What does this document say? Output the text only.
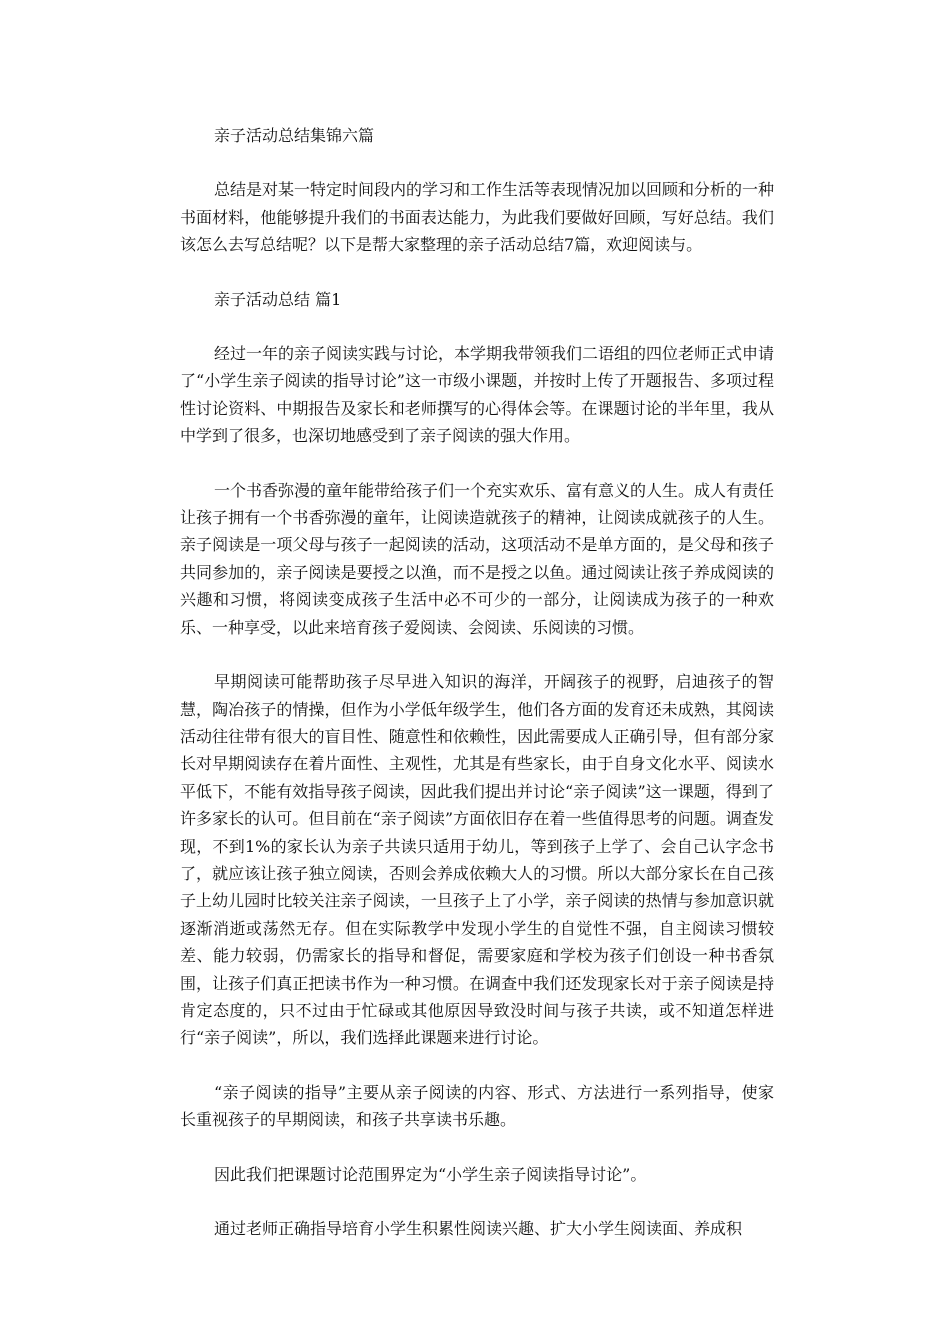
亲子活动总结集锦六篇

总结是对某一特定时间段内的学习和工作生活等表现情况加以回顾和分析的一种书面材料，他能够提升我们的书面表达能力，为此我们要做好回顾，写好总结。我们该怎么去写总结呢？以下是帮大家整理的亲子活动总结7篇，欢迎阅读与。

亲子活动总结 篇1

经过一年的亲子阅读实践与讨论，本学期我带领我们二语组的四位老师正式申请了“小学生亲子阅读的指导讨论”这一市级小课题，并按时上传了开题报告、多项过程性讨论资料、中期报告及家长和老师撰写的心得体会等。在课题讨论的半年里，我从中学到了很多，也深切地感受到了亲子阅读的强大作用。

一个书香弥漫的童年能带给孩子们一个充实欢乐、富有意义的人生。成人有责任让孩子拥有一个书香弥漫的童年，让阅读造就孩子的精神，让阅读成就孩子的人生。亲子阅读是一项父母与孩子一起阅读的活动，这项活动不是单方面的，是父母和孩子共同参加的，亲子阅读是要授之以渔，而不是授之以鱼。通过阅读让孩子养成阅读的兴趣和习惯，将阅读变成孩子生活中必不可少的一部分，让阅读成为孩子的一种欢乐、一种享受，以此来培育孩子爱阅读、会阅读、乐阅读的习惯。

早期阅读可能帮助孩子尽早进入知识的海洋，开阔孩子的视野，启迪孩子的智慧，陶冶孩子的情操，但作为小学低年级学生，他们各方面的发育还未成熟，其阅读活动往往带有很大的盲目性、随意性和依赖性，因此需要成人正确引导，但有部分家长对早期阅读存在着片面性、主观性，尤其是有些家长，由于自身文化水平、阅读水平低下，不能有效指导孩子阅读，因此我们提出并讨论“亲子阅读”这一课题，得到了许多家长的认可。但目前在“亲子阅读”方面依旧存在着一些值得思考的问题。调查发现，不到1%的家长认为亲子共读只适用于幼儿，等到孩子上学了、会自己认字念书了，就应该让孩子独立阅读，否则会养成依赖大人的习惯。所以大部分家长在自己孩子上幼儿园时比较关注亲子阅读，一旦孩子上了小学，亲子阅读的热情与参加意识就逐渐消逝或荡然无存。但在实际教学中发现小学生的自觉性不强，自主阅读习惯较差、能力较弱，仍需家长的指导和督促，需要家庭和学校为孩子们创设一种书香氛围，让孩子们真正把读书作为一种习惯。在调查中我们还发现家长对于亲子阅读是持肯定态度的，只不过由于忙碌或其他原因导致没时间与孩子共读，或不知道怎样进行“亲子阅读”，所以，我们选择此课题来进行讨论。

“亲子阅读的指导”主要从亲子阅读的内容、形式、方法进行一系列指导，使家长重视孩子的早期阅读，和孩子共享读书乐趣。

因此我们把课题讨论范围界定为“小学生亲子阅读指导讨论”。

通过老师正确指导培育小学生积累性阅读兴趣、扩大小学生阅读面、养成积
